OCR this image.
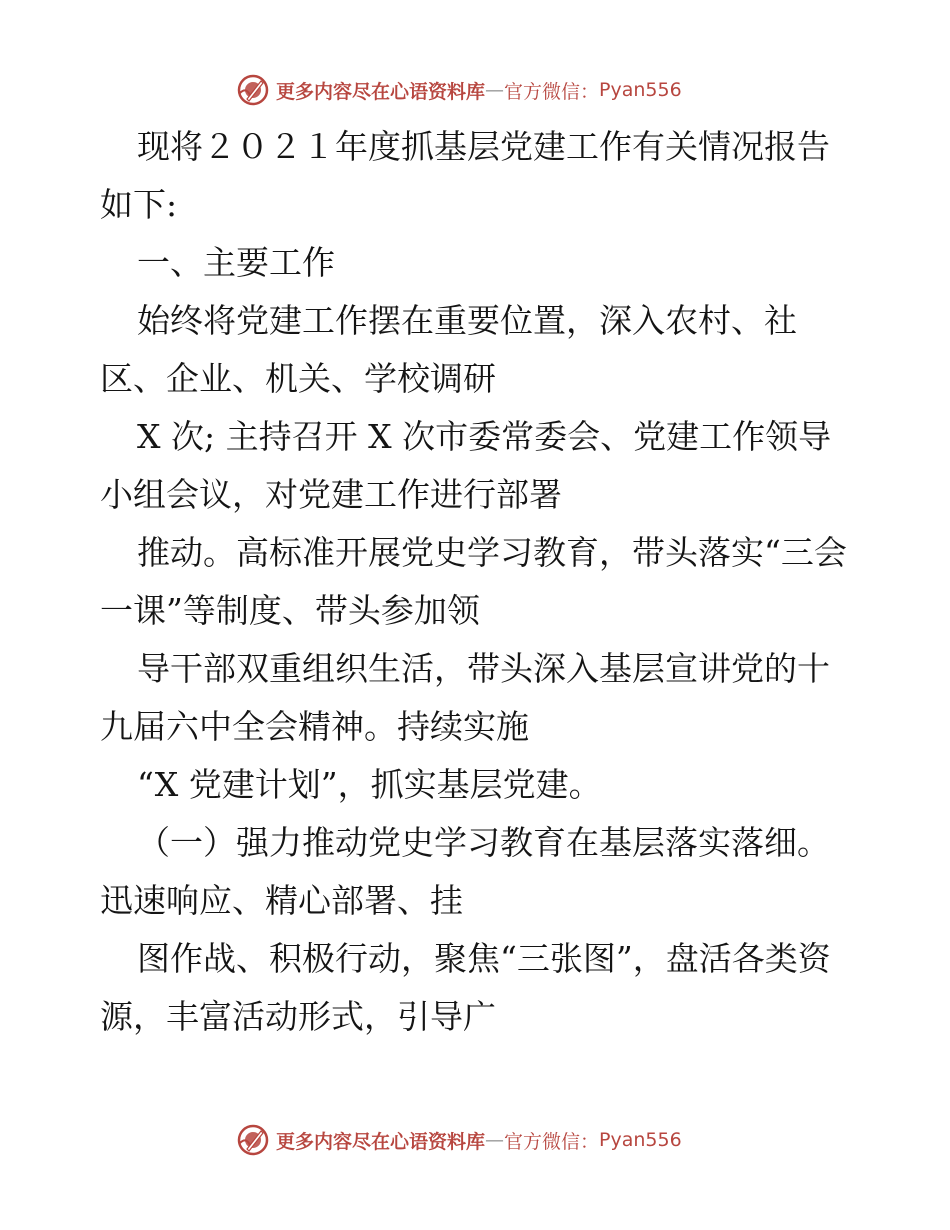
更多内容尽在心语资料库 — 官方微信： Pyan556

现将２０２１年度抓基层党建工作有关情况报告如下:

一、主要工作

始终将党建工作摆在重要位置，深入农村、社区、企业、机关、学校调研

X 次; 主持召开 X 次市委常委会、党建工作领导小组会议，对党建工作进行部署

推动。高标准开展党史学习教育，带头落实“三会一课”等制度、带头参加领

导干部双重组织生活，带头深入基层宣讲党的十九届六中全会精神。持续实施

“X 党建计划”，抓实基层党建。

（一）强力推动党史学习教育在基层落实落细。迅速响应、精心部署、挂

图作战、积极行动，聚焦“三张图”，盘活各类资源，丰富活动形式，引导广

更多内容尽在心语资料库 — 官方微信： Pyan556
